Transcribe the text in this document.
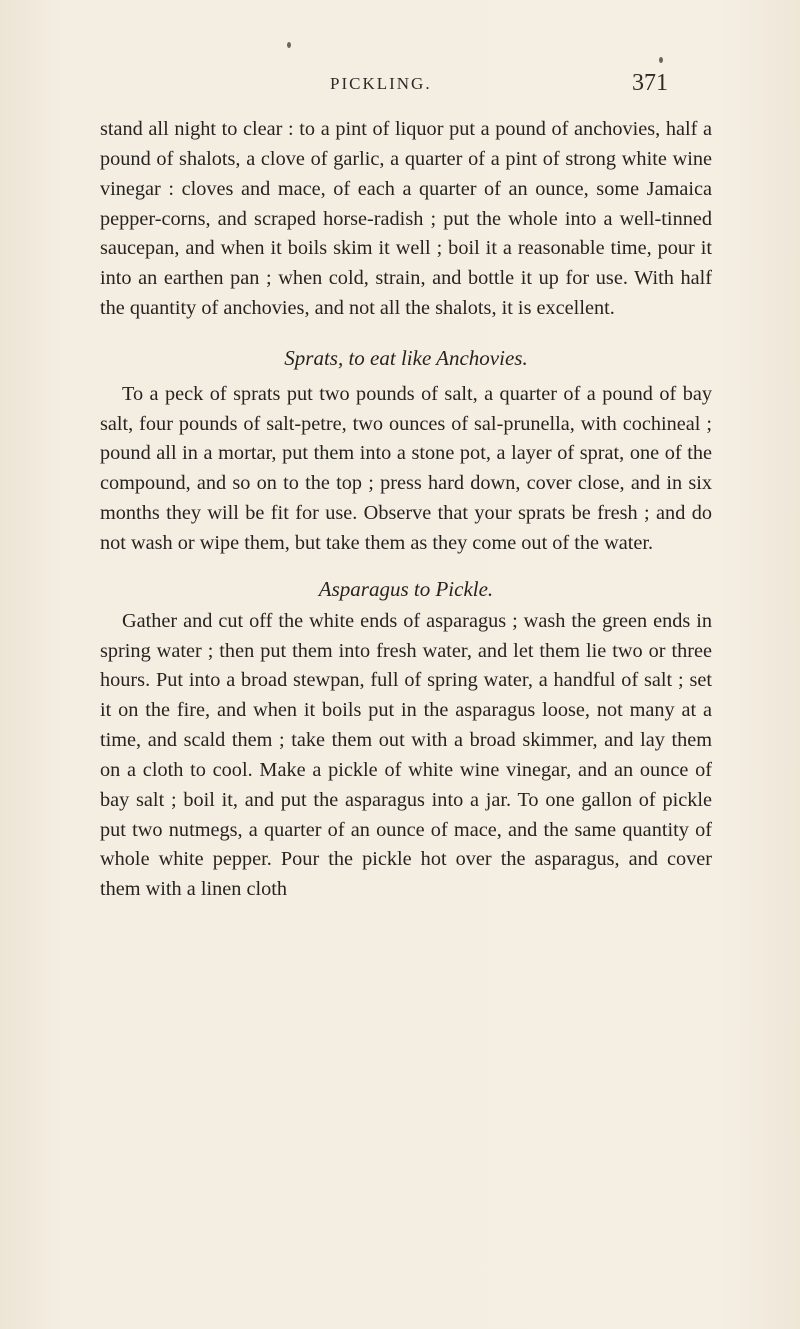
PICKLING.	371

stand all night to clear : to a pint of liquor put a pound of anchovies, half a pound of shalots, a clove of garlic, a quarter of a pint of strong white wine vinegar : cloves and mace, of each a quarter of an ounce, some Jamaica pepper-corns, and scraped horse-radish ; put the whole into a well-tinned saucepan, and when it boils skim it well ; boil it a reasonable time, pour it into an earthen pan ; when cold, strain, and bottle it up for use. With half the quantity of anchovies, and not all the shalots, it is excellent.

Sprats, to eat like Anchovies.

To a peck of sprats put two pounds of salt, a quarter of a pound of bay salt, four pounds of salt-petre, two ounces of sal-prunella, with cochineal ; pound all in a mortar, put them into a stone pot, a layer of sprat, one of the compound, and so on to the top ; press hard down, cover close, and in six months they will be fit for use. Observe that your sprats be fresh ; and do not wash or wipe them, but take them as they come out of the water.

Asparagus to Pickle.

Gather and cut off the white ends of asparagus ; wash the green ends in spring water ; then put them into fresh water, and let them lie two or three hours. Put into a broad stewpan, full of spring water, a handful of salt ; set it on the fire, and when it boils put in the asparagus loose, not many at a time, and scald them ; take them out with a broad skimmer, and lay them on a cloth to cool. Make a pickle of white wine vinegar, and an ounce of bay salt ; boil it, and put the asparagus into a jar. To one gallon of pickle put two nutmegs, a quarter of an ounce of mace, and the same quantity of whole white pepper. Pour the pickle hot over the asparagus, and cover them with a linen cloth
